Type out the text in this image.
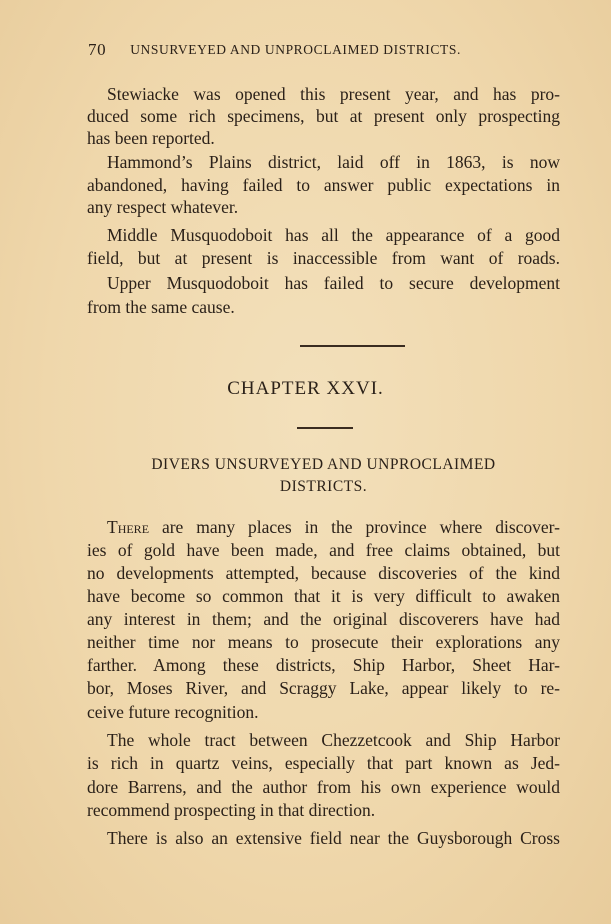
70 UNSURVEYED AND UNPROCLAIMED DISTRICTS.
Stewiacke was opened this present year, and has pro-
duced some rich specimens, but at present only prospecting
has been reported.
Hammond’s Plains district, laid off in 1863, is now
abandoned, having failed to answer public expectations in
any respect whatever.
Middle Musquodoboit has all the appearance of a good
field, but at present is inaccessible from want of roads.
Upper Musquodoboit has failed to secure development
from the same cause.
CHAPTER XXVI.
DIVERS UNSURVEYED AND UNPROCLAIMED
DISTRICTS.
There are many places in the province where discover-
ies of gold have been made, and free claims obtained, but
no developments attempted, because discoveries of the kind
have become so common that it is very difficult to awaken
any interest in them; and the original discoverers have had
neither time nor means to prosecute their explorations any
farther. Among these districts, Ship Harbor, Sheet Har-
bor, Moses River, and Scraggy Lake, appear likely to re-
ceive future recognition.
The whole tract between Chezzetcook and Ship Harbor
is rich in quartz veins, especially that part known as Jed-
dore Barrens, and the author from his own experience would
recommend prospecting in that direction.
There is also an extensive field near the Guysborough Cross
